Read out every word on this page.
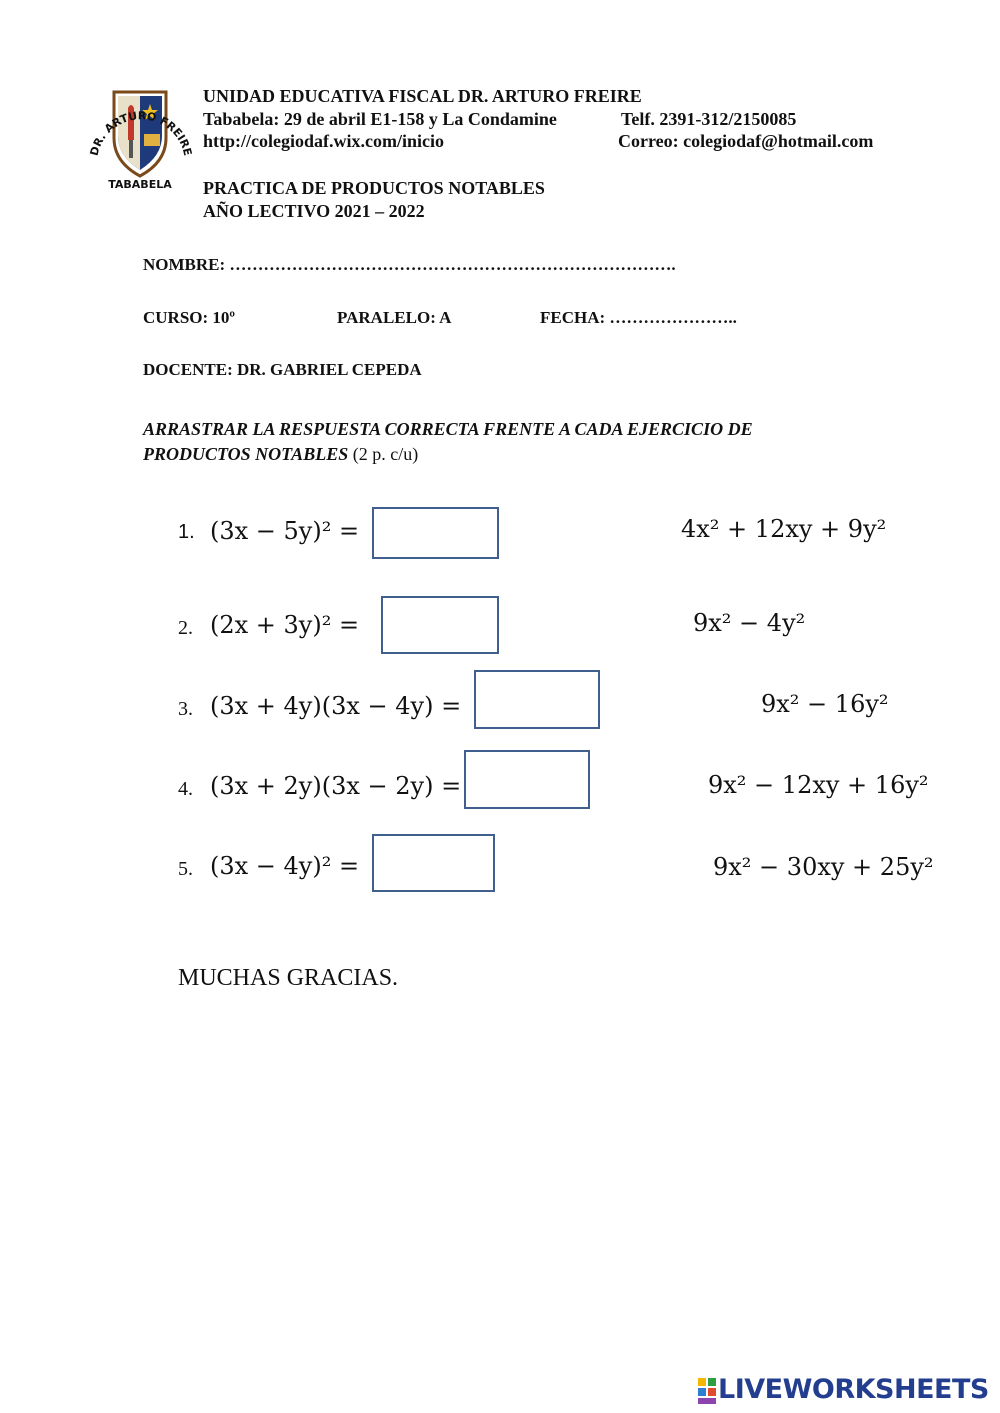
DR. ARTURO FREIRE
TABABELA
UNIDAD EDUCATIVA FISCAL DR. ARTURO FREIRE
Tababela: 29 de abril E1-158 y La Condamine	Telf. 2391-312/2150085
http://colegiodaf.wix.com/inicio	Correo: colegiodaf@hotmail.com
PRACTICA DE PRODUCTOS NOTABLES
AÑO LECTIVO 2021 – 2022
NOMBRE: …………………………………………………………………….
CURSO: 10º	PARALELO: A	FECHA: …………………..
DOCENTE: DR. GABRIEL CEPEDA
ARRASTRAR LA RESPUESTA CORRECTA FRENTE A CADA EJERCICIO DE
PRODUCTOS NOTABLES (2 p. c/u)
1. (3x − 5y)² =
2. (2x + 3y)² =
3. (3x + 4y)(3x − 4y) =
4. (3x + 2y)(3x − 2y) =
5. (3x − 4y)² =
4x² + 12xy + 9y²
9x² − 4y²
9x² − 16y²
9x² − 12xy + 16y²
9x² − 30xy + 25y²
MUCHAS GRACIAS.
LIVEWORKSHEETS
